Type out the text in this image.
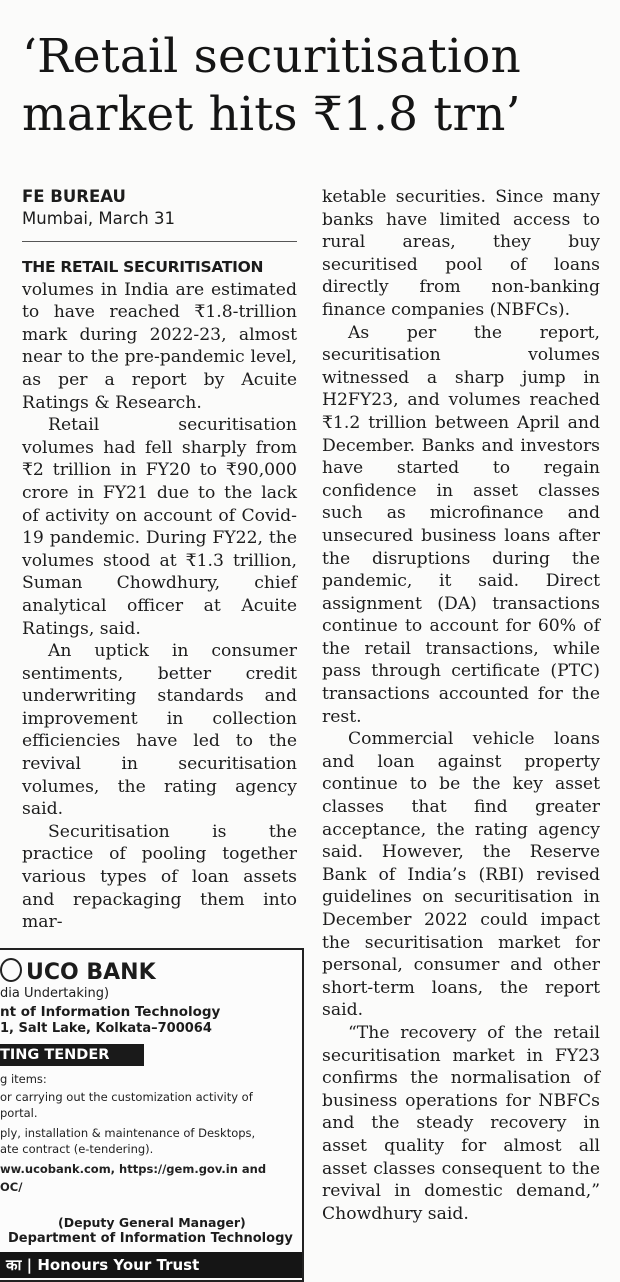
‘Retail securitisation
market hits ₹1.8 trn’
FE BUREAU
Mumbai, March 31

THE RETAIL SECURITISATION
volumes in India are estimated to have reached ₹1.8-trillion mark during 2022-23, almost near to the pre-pandemic level, as per a report by Acuite Ratings & Research.

Retail securitisation volumes had fell sharply from ₹2 trillion in FY20 to ₹90,000 crore in FY21 due to the lack of activity on account of Covid-19 pandemic. During FY22, the volumes stood at ₹1.3 trillion, Suman Chowdhury, chief analytical officer at Acuite Ratings, said.

An uptick in consumer sentiments, better credit underwriting standards and improvement in collection efficiencies have led to the revival in securitisation volumes, the rating agency said.

Securitisation is the practice of pooling together various types of loan assets and repackaging them into mar-

ketable securities. Since many banks have limited access to rural areas, they buy securitised pool of loans directly from non-banking finance companies (NBFCs).

As per the report, securitisation volumes witnessed a sharp jump in H2FY23, and volumes reached ₹1.2 trillion between April and December. Banks and investors have started to regain confidence in asset classes such as microfinance and unsecured business loans after the disruptions during the pandemic, it said. Direct assignment (DA) transactions continue to account for 60% of the retail transactions, while pass through certificate (PTC) transactions accounted for the rest.

Commercial vehicle loans and loan against property continue to be the key asset classes that find greater acceptance, the rating agency said. However, the Reserve Bank of India’s (RBI) revised guidelines on securitisation in December 2022 could impact the securitisation market for personal, consumer and other short-term loans, the report said.

“The recovery of the retail securitisation market in FY23 confirms the normalisation of business operations for NBFCs and the steady recovery in asset quality for almost all asset classes consequent to the revival in domestic demand,” Chowdhury said.

UCO BANK
dia Undertaking)
nt of Information Technology
1, Salt Lake, Kolkata–700064
TING TENDER
g items:
or carrying out the customization activity of
portal.
ply, installation & maintenance of Desktops,
ate contract (e-tendering).
ww.ucobank.com, https://gem.gov.in and
OC/
(Deputy General Manager)
Department of Information Technology
का | Honours Your Trust
